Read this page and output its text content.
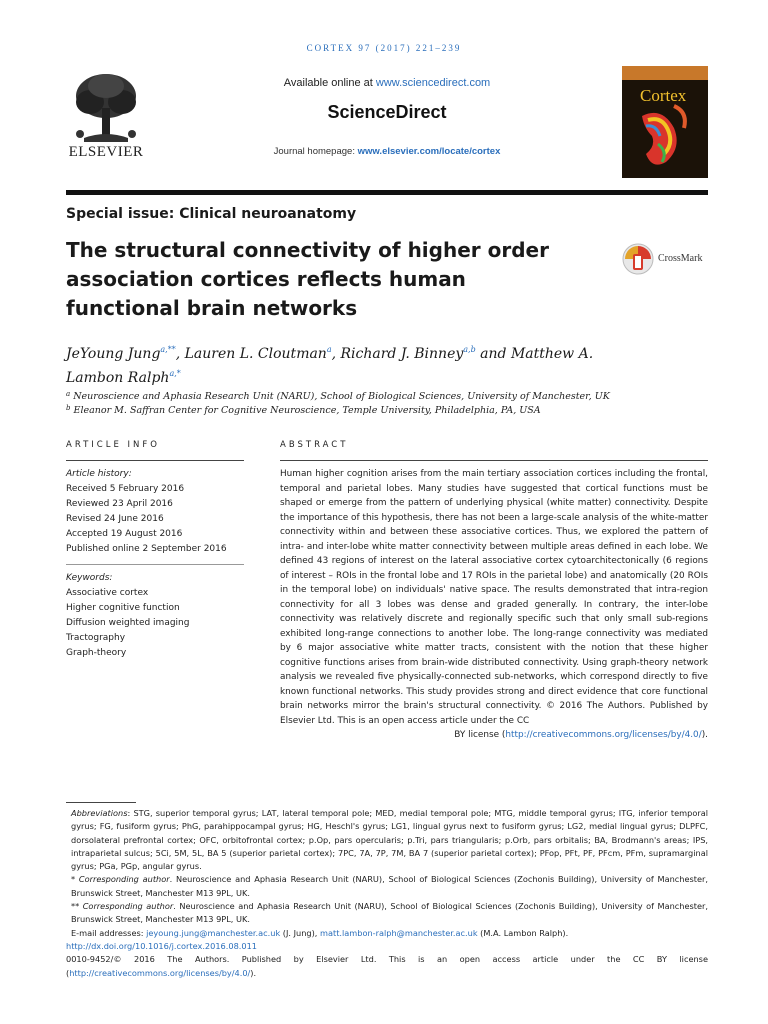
CORTEX 97 (2017) 221–239
ELSEVIER
Available online at www.sciencedirect.com
ScienceDirect
Journal homepage: www.elsevier.com/locate/cortex
Cortex
Special issue: Clinical neuroanatomy
The structural connectivity of higher order association cortices reflects human functional brain networks
CrossMark
JeYoung Jung$^{a,**}$, Lauren L. Cloutman$^a$, Richard J. Binney$^{a,b}$ and Matthew A. Lambon Ralph$^{a,*}$
$^a$ Neuroscience and Aphasia Research Unit (NARU), School of Biological Sciences, University of Manchester, UK
$^b$ Eleanor M. Saffran Center for Cognitive Neuroscience, Temple University, Philadelphia, PA, USA
ARTICLE INFO
Article history:
Received 5 February 2016
Reviewed 23 April 2016
Revised 24 June 2016
Accepted 19 August 2016
Published online 2 September 2016
Keywords:
Associative cortex
Higher cognitive function
Diffusion weighted imaging
Tractography
Graph-theory
ABSTRACT

Human higher cognition arises from the main tertiary association cortices including the frontal, temporal and parietal lobes. Many studies have suggested that cortical functions must be shaped or emerge from the pattern of underlying physical (white matter) connectivity. Despite the importance of this hypothesis, there has not been a large-scale analysis of the white-matter connectivity within and between these associative cortices. Thus, we explored the pattern of intra- and inter-lobe white matter connectivity between multiple areas defined in each lobe. We defined 43 regions of interest on the lateral associative cortex cytoarchitectonically (6 regions of interest – ROIs in the frontal lobe and 17 ROIs in the parietal lobe) and anatomically (20 ROIs in the temporal lobe) on individuals' native space. The results demonstrated that intra-region connectivity for all 3 lobes was dense and graded generally. In contrary, the inter-lobe connectivity was relatively discrete and regionally specific such that only small sub-regions exhibited long-range connections to another lobe. The long-range connectivity was mediated by 6 major associative white matter tracts, consistent with the notion that these higher cognitive functions arises from brain-wide distributed connectivity. Using graph-theory network analysis we revealed five physically-connected sub-networks, which correspond directly to five known functional networks. This study provides strong and direct evidence that core functional brain networks mirror the brain's structural connectivity. © 2016 The Authors. Published by Elsevier Ltd. This is an open access article under the CC

BY license (http://creativecommons.org/licenses/by/4.0/).

Abbreviations: STG, superior temporal gyrus; LAT, lateral temporal pole; MED, medial temporal pole; MTG, middle temporal gyrus; ITG, inferior temporal gyrus; FG, fusiform gyrus; PhG, parahippocampal gyrus; HG, Heschl's gyrus; LG1, lingual gyrus next to fusiform gyrus; LG2, medial lingual gyrus; DLPFC, dorsolateral prefrontal cortex; OFC, orbitofrontal cortex; p.Op, pars opercularis; p.Tri, pars triangularis; p.Orb, pars orbitalis; BA, Brodmann's areas; IPS, intraparietal sulcus; 5Ci, 5M, 5L, BA 5 (superior parietal cortex); 7PC, 7A, 7P, 7M, BA 7 (superior parietal cortex); PFop, PFt, PF, PFcm, PFm, supramarginal gyrus; PGa, PGp, angular gyrus.

* Corresponding author. Neuroscience and Aphasia Research Unit (NARU), School of Biological Sciences (Zochonis Building), University of Manchester, Brunswick Street, Manchester M13 9PL, UK.

** Corresponding author. Neuroscience and Aphasia Research Unit (NARU), School of Biological Sciences (Zochonis Building), University of Manchester, Brunswick Street, Manchester M13 9PL, UK.

E-mail addresses: jeyoung.jung@manchester.ac.uk (J. Jung), matt.lambon-ralph@manchester.ac.uk (M.A. Lambon Ralph).

http://dx.doi.org/10.1016/j.cortex.2016.08.011

0010-9452/© 2016 The Authors. Published by Elsevier Ltd. This is an open access article under the CC BY license (http://creativecommons.org/licenses/by/4.0/).
